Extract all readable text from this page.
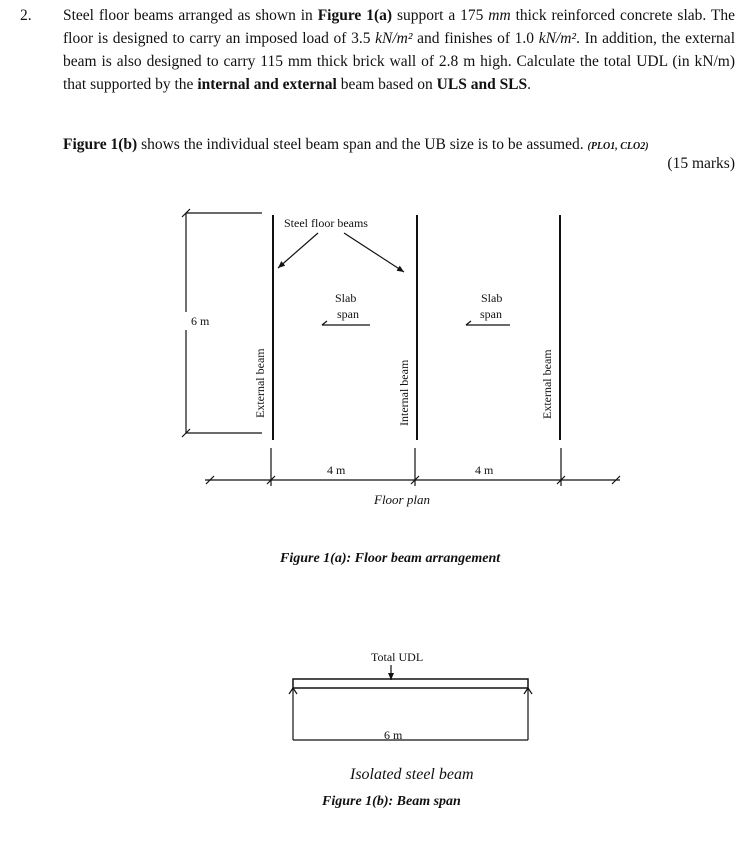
2. Steel floor beams arranged as shown in Figure 1(a) support a 175 mm thick reinforced concrete slab. The floor is designed to carry an imposed load of 3.5 kN/m² and finishes of 1.0 kN/m². In addition, the external beam is also designed to carry 115 mm thick brick wall of 2.8 m high. Calculate the total UDL (in kN/m) that supported by the internal and external beam based on ULS and SLS.
Figure 1(b) shows the individual steel beam span and the UB size is to be assumed. (PLO1, CLO2)
(15 marks)
6 m
Steel floor beams
Slab
span
Slab
span
External beam	Internal beam	External beam
4 m	4 m
Floor plan
Figure 1(a): Floor beam arrangement
Total UDL
6 m
Isolated steel beam
Figure 1(b): Beam span
